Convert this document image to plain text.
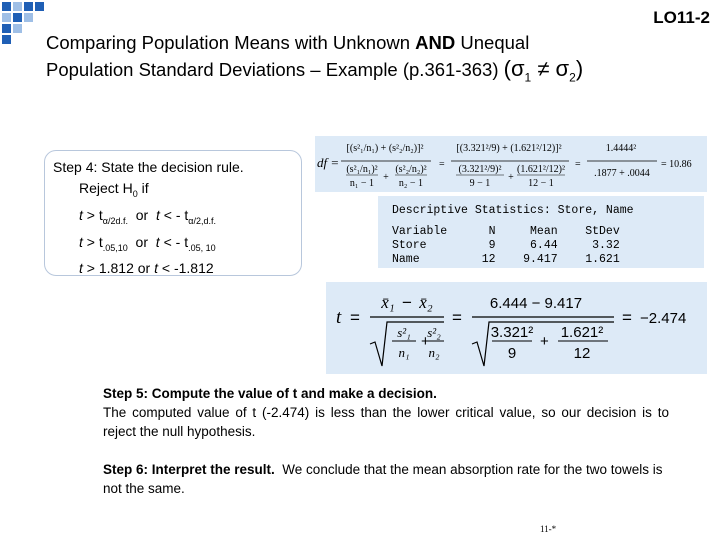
LO11-2
Comparing Population Means with Unknown AND Unequal
Population Standard Deviations – Example (p.361-363) $(\sigma_1 \ne \sigma_2)$
Step 4: State the decision rule.
Reject $H_0$ if
$t > t_{\alpha/2d.f.}$  or  t < - $t_{\alpha/2,d.f.}$
$t > t_{.05,10}$  or  t < - $t_{.05, 10}$
t > 1.812 or t < -1.812
df =
[(s²₁/n₁) + (s²₂/n₂)]²
(s²₁/n₁)²
n₁ − 1
+
(s²₂/n₂)²
n₂ − 1
=
[(3.321²/9) + (1.621²/12)]²
(3.321²/9)²
9 − 1
+
(1.621²/12)²
12 − 1
=
1.4444²
.1877 + .0044
= 10.86
Descriptive Statistics: Store, Name
Variable      N     Mean    StDev
Store         9     6.44     3.32
Name         12    9.417    1.621
t =
x̄₁ − x̄₂
s²₁
n₁
+
s²₂
n₂
=
6.444 − 9.417
3.321²
9
+
1.621²
12
= −2.474
Step 5: Compute the value of t and make a decision.
The computed value of t (-2.474) is less than the lower critical value, so our decision is to reject the null hypothesis.
Step 6: Interpret the result.  We conclude that the mean absorption rate for the two towels is not the same.
11-*
